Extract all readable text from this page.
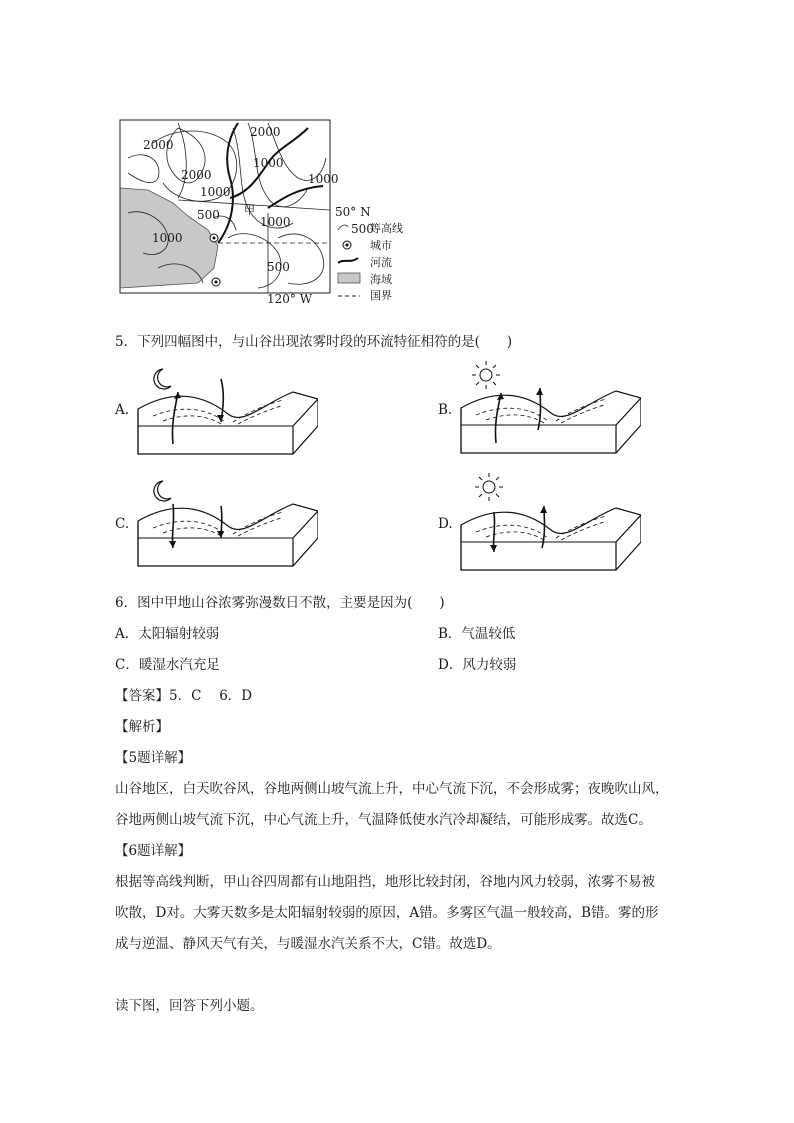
2000
2000
1000
2000	1000
1000
500	1000
1000
500
甲	50° N
120° W
500
等高线
城市
河流
海域
国界
5．下列四幅图中，与山谷出现浓雾时段的环流特征相符的是(　　)
A.	B.
C.	D.
6．图中甲地山谷浓雾弥漫数日不散，主要是因为(　　)
A．太阳辐射较弱	B．气温较低
C．暖湿水汽充足	D．风力较弱
【答案】5．C　 6．D
【解析】
【5题详解】
山谷地区，白天吹谷风，谷地两侧山坡气流上升，中心气流下沉，不会形成雾；夜晚吹山风，
谷地两侧山坡气流下沉，中心气流上升，气温降低使水汽冷却凝结，可能形成雾。故选C。
【6题详解】
根据等高线判断，甲山谷四周都有山地阻挡，地形比较封闭，谷地内风力较弱，浓雾不易被
吹散，D对。大雾天数多是太阳辐射较弱的原因，A错。多雾区气温一般较高，B错。雾的形
成与逆温、静风天气有关，与暖湿水汽关系不大，C错。故选D。
读下图，回答下列小题。
